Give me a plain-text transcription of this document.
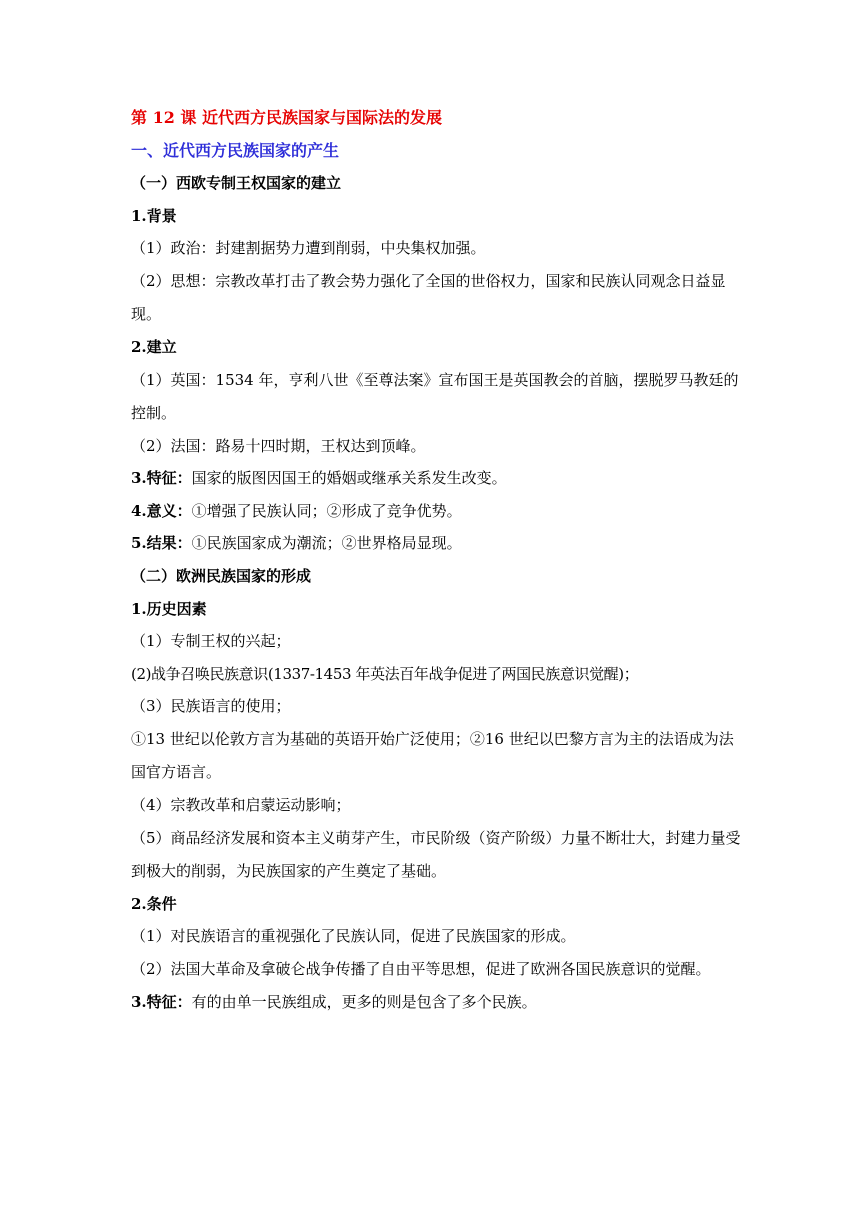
第 12 课 近代西方民族国家与国际法的发展
一、近代西方民族国家的产生
（一）西欧专制王权国家的建立
1.背景
（1）政治：封建割据势力遭到削弱，中央集权加强。
（2）思想：宗教改革打击了教会势力强化了全国的世俗权力，国家和民族认同观念日益显现。
2.建立
（1）英国：1534 年，亨利八世《至尊法案》宣布国王是英国教会的首脑，摆脱罗马教廷的控制。
（2）法国：路易十四时期，王权达到顶峰。
3.特征：国家的版图因国王的婚姻或继承关系发生改变。
4.意义：①增强了民族认同；②形成了竞争优势。
5.结果：①民族国家成为潮流；②世界格局显现。
（二）欧洲民族国家的形成
1.历史因素
（1）专制王权的兴起；
(2)战争召唤民族意识(1337-1453 年英法百年战争促进了两国民族意识觉醒)；
（3）民族语言的使用；
①13 世纪以伦敦方言为基础的英语开始广泛使用；②16 世纪以巴黎方言为主的法语成为法国官方语言。
（4）宗教改革和启蒙运动影响；
（5）商品经济发展和资本主义萌芽产生，市民阶级（资产阶级）力量不断壮大，封建力量受到极大的削弱，为民族国家的产生奠定了基础。
2.条件
（1）对民族语言的重视强化了民族认同，促进了民族国家的形成。
（2）法国大革命及拿破仑战争传播了自由平等思想，促进了欧洲各国民族意识的觉醒。
3.特征：有的由单一民族组成，更多的则是包含了多个民族。
